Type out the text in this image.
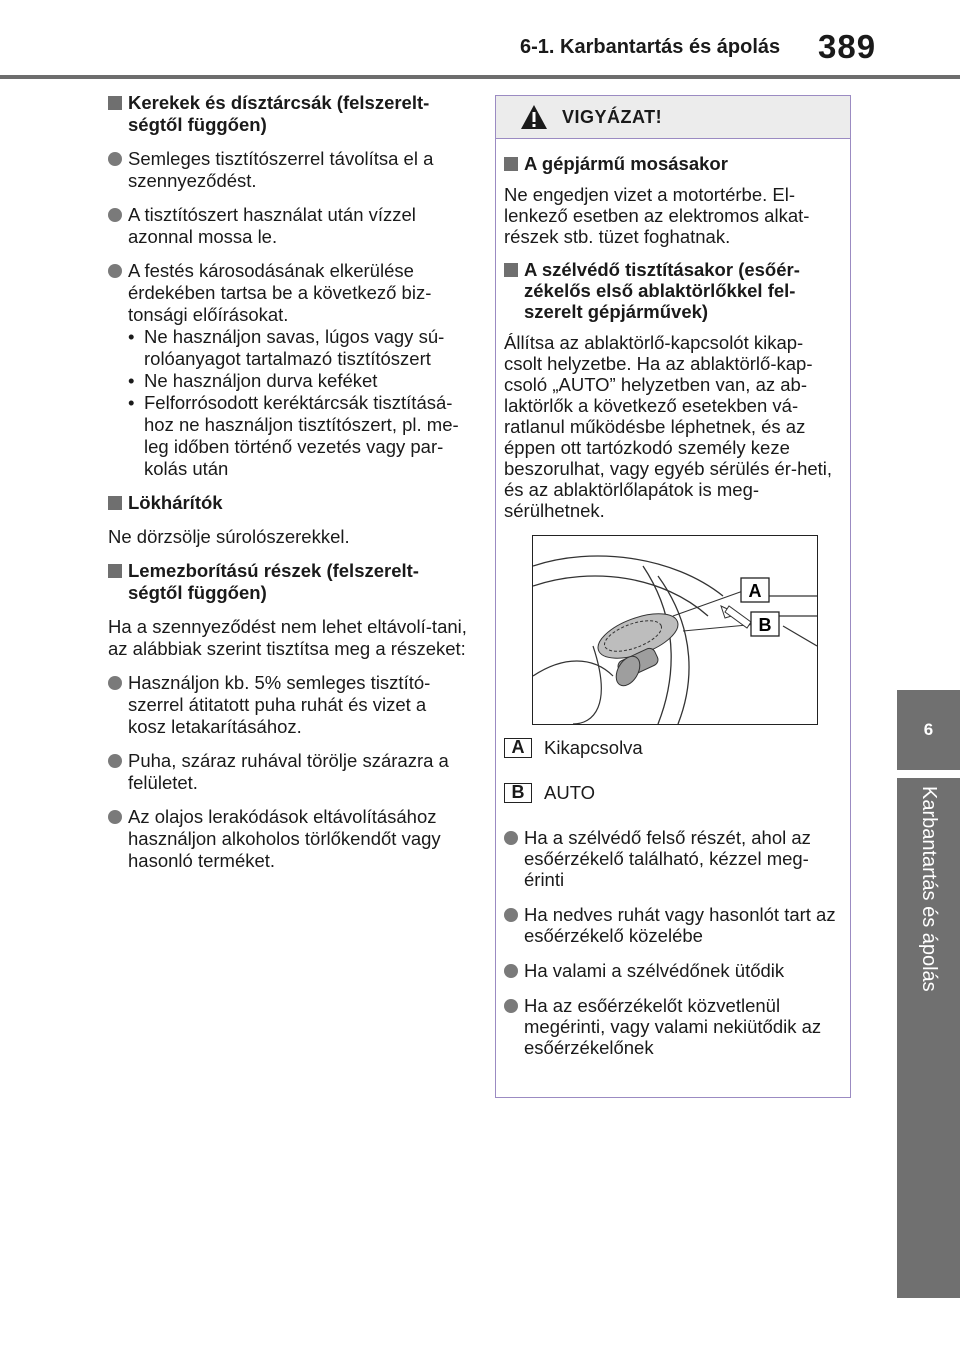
6-1. Karbantartás és ápolás	389
6
Karbantartás és ápolás
Kerekek és dísztárcsák (felszerelt-ségtől függően)
Semleges tisztítószerrel távolítsa el a szennyeződést.
A tisztítószert használat után vízzel azonnal mossa le.
A festés károsodásának elkerülése érdekében tartsa be a következő biz-tonsági előírásokat.
• Ne használjon savas, lúgos vagy sú-rolóanyagot tartalmazó tisztítószert
• Ne használjon durva keféket
• Felforrósodott keréktárcsák tisztításá-hoz ne használjon tisztítószert, pl. me-leg időben történő vezetés vagy par-kolás után
Lökhárítók
Ne dörzsölje súrolószerekkel.
Lemezborítású részek (felszerelt-ségtől függően)
Ha a szennyeződést nem lehet eltávolí-tani, az alábbiak szerint tisztítsa meg a részeket:
Használjon kb. 5% semleges tisztító-szerrel átitatott puha ruhát és vizet a kosz letakarításához.
Puha, száraz ruhával törölje szárazra a felületet.
Az olajos lerakódások eltávolításához használjon alkoholos törlőkendőt vagy hasonló terméket.
VIGYÁZAT!
A gépjármű mosásakor
Ne engedjen vizet a motortérbe. El-lenkező esetben az elektromos alkat-részek stb. tüzet foghatnak.
A szélvédő tisztításakor (esőér-zékelős első ablaktörlőkkel fel-szerelt gépjárművek)
Állítsa az ablaktörlő-kapcsolót kikap-csolt helyzetbe. Ha az ablaktörlő-kap-csoló „AUTO” helyzetben van, az ab-laktörlők a következő esetekben vá-ratlanul működésbe léphetnek, és az éppen ott tartózkodó személy keze beszorulhat, vagy egyéb sérülés ér-heti, és az ablaktörlőlapátok is meg-sérülhetnek.
A
B
A	Kikapcsolva
B	AUTO
Ha a szélvédő felső részét, ahol az esőérzékelő található, kézzel meg-érinti
Ha nedves ruhát vagy hasonlót tart az esőérzékelő közelébe
Ha valami a szélvédőnek ütődik
Ha az esőérzékelőt közvetlenül megérinti, vagy valami nekiütődik az esőérzékelőnek
